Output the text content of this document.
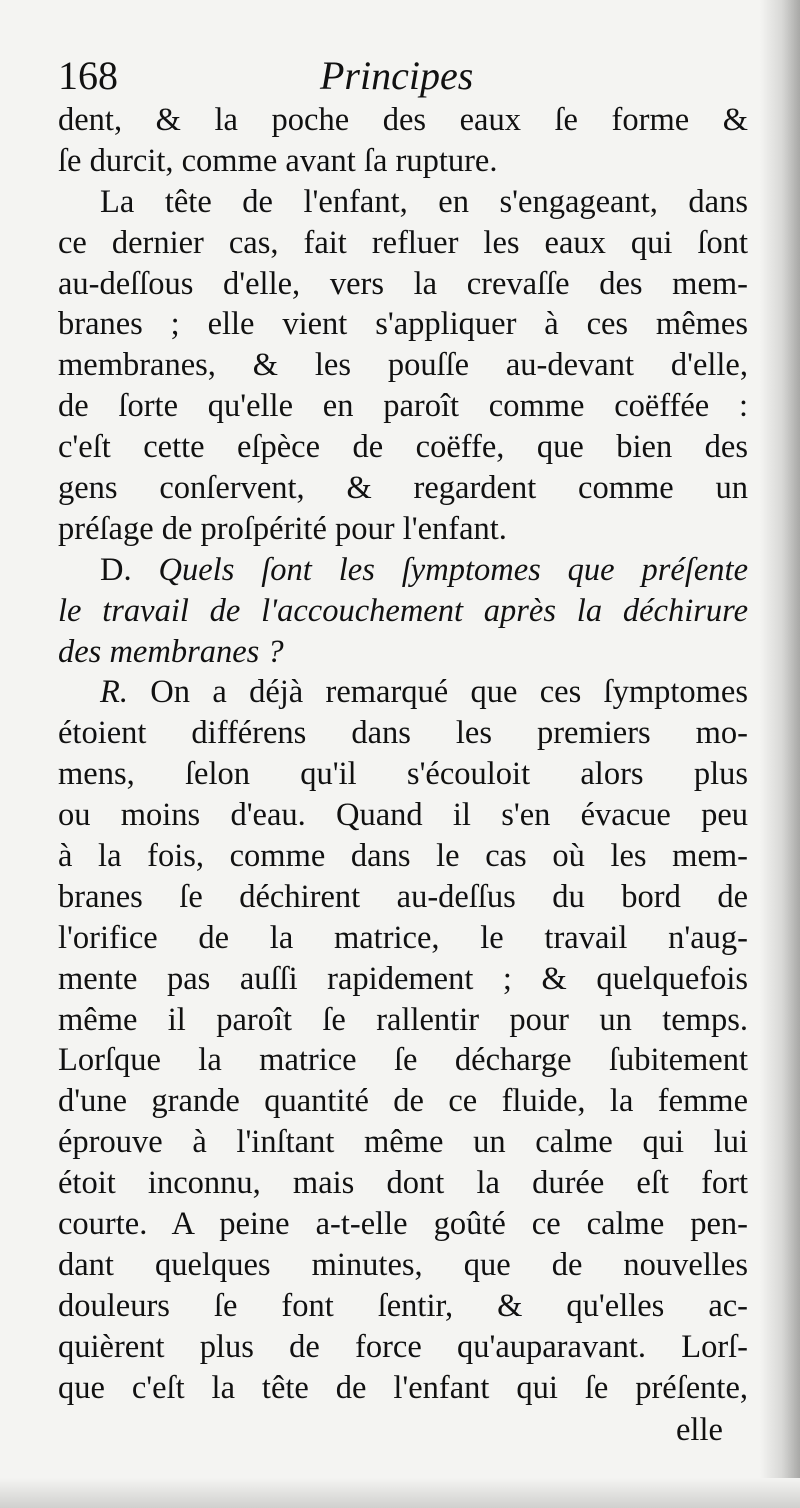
168	Principes
dent, & la poche des eaux ſe forme &
ſe durcit, comme avant ſa rupture.
La tête de l'enfant, en s'engageant, dans
ce dernier cas, fait refluer les eaux qui ſont
au-deſſous d'elle, vers la crevaſſe des mem-
branes ; elle vient s'appliquer à ces mêmes
membranes, & les pouſſe au-devant d'elle,
de ſorte qu'elle en paroît comme coëffée :
c'eſt cette eſpèce de coëffe, que bien des
gens conſervent, & regardent comme un
préſage de proſpérité pour l'enfant.
D. Quels ſont les ſymptomes que préſente
le travail de l'accouchement après la déchirure
des membranes ?
R. On a déjà remarqué que ces ſymptomes
étoient différens dans les premiers mo-
mens, ſelon qu'il s'écouloit alors plus
ou moins d'eau. Quand il s'en évacue peu
à la fois, comme dans le cas où les mem-
branes ſe déchirent au-deſſus du bord de
l'orifice de la matrice, le travail n'aug-
mente pas auſſi rapidement ; & quelquefois
même il paroît ſe rallentir pour un temps.
Lorſque la matrice ſe décharge ſubitement
d'une grande quantité de ce fluide, la femme
éprouve à l'inſtant même un calme qui lui
étoit inconnu, mais dont la durée eſt fort
courte. A peine a-t-elle goûté ce calme pen-
dant quelques minutes, que de nouvelles
douleurs ſe font ſentir, & qu'elles ac-
quièrent plus de force qu'auparavant. Lorſ-
que c'eſt la tête de l'enfant qui ſe préſente,
elle
